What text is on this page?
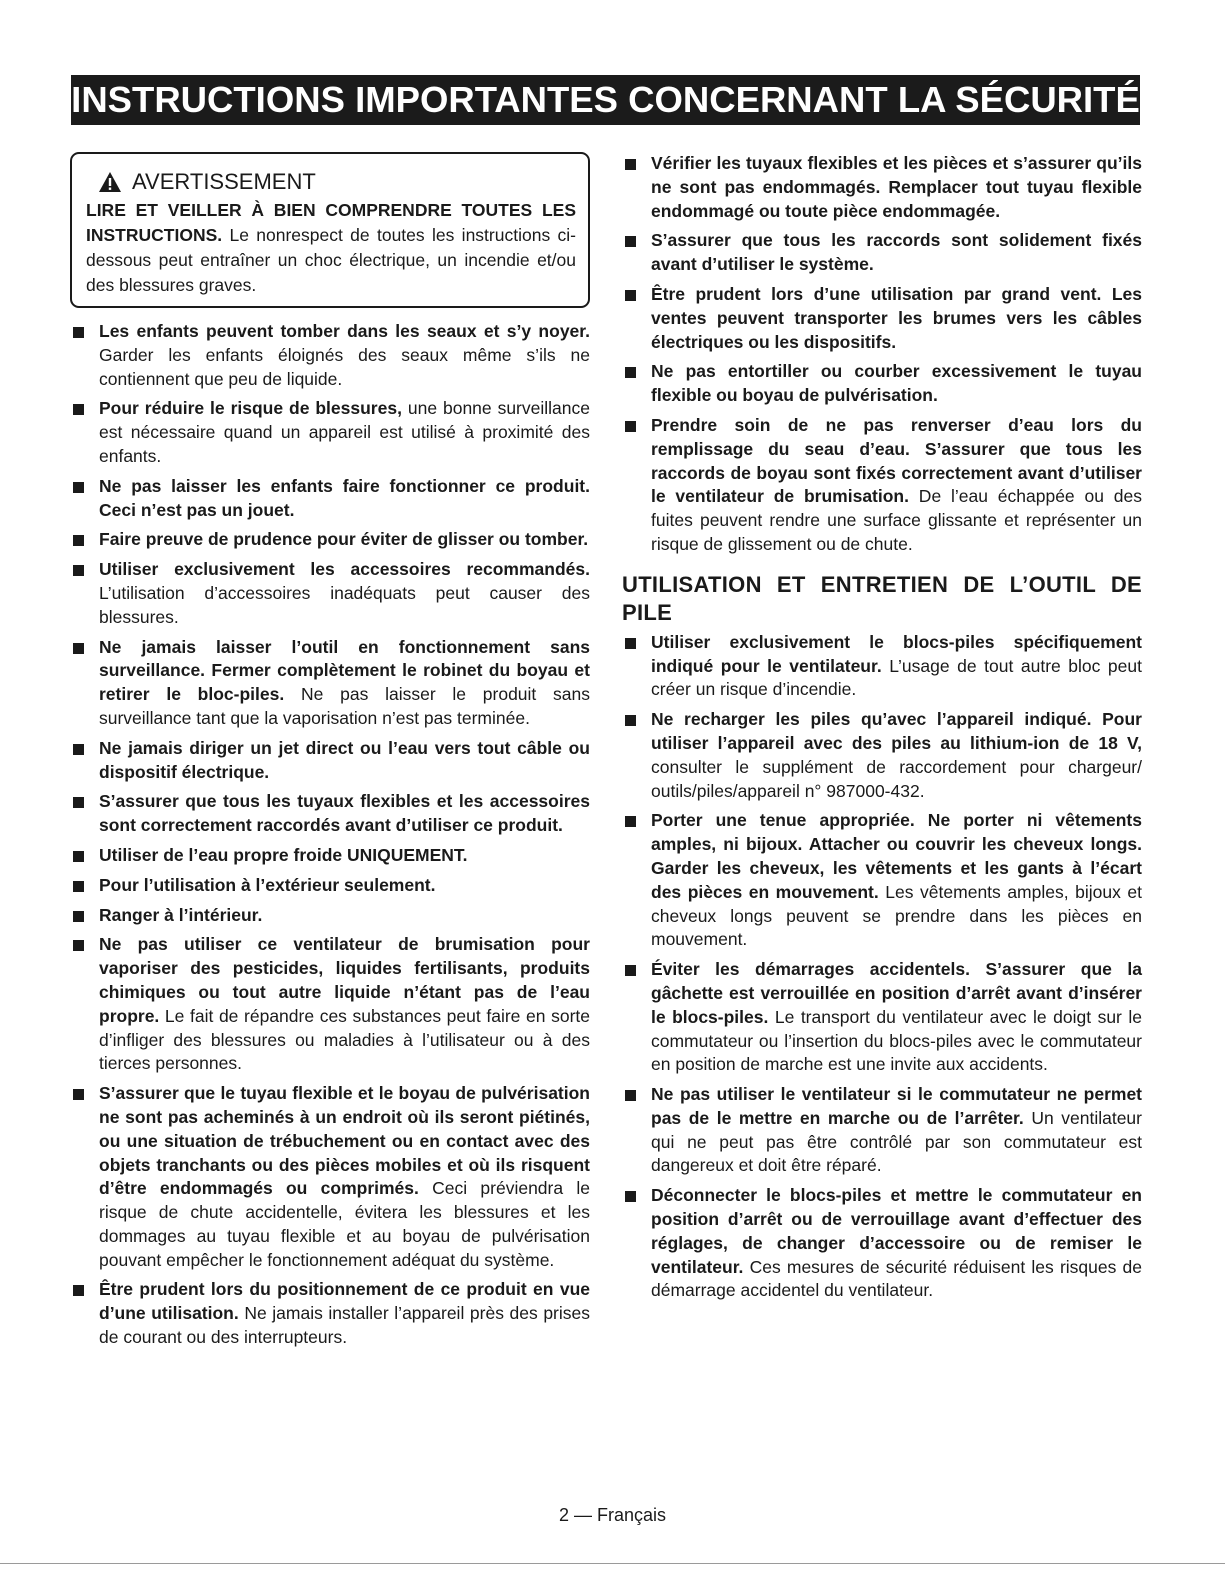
INSTRUCTIONS IMPORTANTES CONCERNANT LA SÉCURITÉ
AVERTISSEMENT
LIRE ET VEILLER À BIEN COMPRENDRE TOUTES LES INSTRUCTIONS. Le nonrespect de toutes les instructions ci-dessous peut entraîner un choc électrique, un incendie et/ou des blessures graves.
Les enfants peuvent tomber dans les seaux et s’y noyer. Garder les enfants éloignés des seaux même s’ils ne contiennent que peu de liquide.
Pour réduire le risque de blessures, une bonne surveillance est nécessaire quand un appareil est utilisé à proximité des enfants.
Ne pas laisser les enfants faire fonctionner ce produit. Ceci n’est pas un jouet.
Faire preuve de prudence pour éviter de glisser ou tomber.
Utiliser exclusivement les accessoires recommandés. L’utilisation d’accessoires inadéquats peut causer des blessures.
Ne jamais laisser l’outil en fonctionnement sans surveillance. Fermer complètement le robinet du boyau et retirer le bloc-piles. Ne pas laisser le produit sans surveillance tant que la vaporisation n’est pas terminée.
Ne jamais diriger un jet direct ou l’eau vers tout câble ou dispositif électrique.
S’assurer que tous les tuyaux flexibles et les accessoires sont correctement raccordés avant d’utiliser ce produit.
Utiliser de l’eau propre froide UNIQUEMENT.
Pour l’utilisation à l’extérieur seulement.
Ranger à l’intérieur.
Ne pas utiliser ce ventilateur de brumisation pour vaporiser des pesticides, liquides fertilisants, produits chimiques ou tout autre liquide n’étant pas de l’eau propre. Le fait de répandre ces substances peut faire en sorte d’infliger des blessures ou maladies à l’utilisateur ou à des tierces personnes.
S’assurer que le tuyau flexible et le boyau de pulvérisation ne sont pas acheminés à un endroit où ils seront piétinés, ou une situation de trébuchement ou en contact avec des objets tranchants ou des pièces mobiles et où ils risquent d’être endommagés ou comprimés. Ceci préviendra le risque de chute accidentelle, évitera les blessures et les dommages au tuyau flexible et au boyau de pulvérisation pouvant empêcher le fonctionnement adéquat du système.
Être prudent lors du positionnement de ce produit en vue d’une utilisation. Ne jamais installer l’appareil près des prises de courant ou des interrupteurs.
Vérifier les tuyaux flexibles et les pièces et s’assurer qu’ils ne sont pas endommagés. Remplacer tout tuyau flexible endommagé ou toute pièce endommagée.
S’assurer que tous les raccords sont solidement fixés avant d’utiliser le système.
Être prudent lors d’une utilisation par grand vent. Les ventes peuvent transporter les brumes vers les câbles électriques ou les dispositifs.
Ne pas entortiller ou courber excessivement le tuyau flexible ou boyau de pulvérisation.
Prendre soin de ne pas renverser d’eau lors du remplissage du seau d’eau. S’assurer que tous les raccords de boyau sont fixés correctement avant d’utiliser le ventilateur de brumisation. De l’eau échappée ou des fuites peuvent rendre une surface glissante et représenter un risque de glissement ou de chute.
UTILISATION ET ENTRETIEN DE L’OUTIL DE PILE
Utiliser exclusivement le blocs-piles spécifiquement indiqué pour le ventilateur. L’usage de tout autre bloc peut créer un risque d’incendie.
Ne recharger les piles qu’avec l’appareil indiqué. Pour utiliser l’appareil avec des piles au lithium-ion de 18 V, consulter le supplément de raccordement pour chargeur/ outils/piles/appareil n° 987000-432.
Porter une tenue appropriée. Ne porter ni vêtements amples, ni bijoux. Attacher ou couvrir les cheveux longs. Garder les cheveux, les vêtements et les gants à l’écart des pièces en mouvement. Les vêtements amples, bijoux et cheveux longs peuvent se prendre dans les pièces en mouvement.
Éviter les démarrages accidentels. S’assurer que la gâchette est verrouillée en position d’arrêt avant d’insérer le blocs-piles. Le transport du ventilateur avec le doigt sur le commutateur ou l’insertion du blocs-piles avec le commutateur en position de marche est une invite aux accidents.
Ne pas utiliser le ventilateur si le commutateur ne permet pas de le mettre en marche ou de l’arrêter. Un ventilateur qui ne peut pas être contrôlé par son commutateur est dangereux et doit être réparé.
Déconnecter le blocs-piles et mettre le commutateur en position d’arrêt ou de verrouillage avant d’effectuer des réglages, de changer d’accessoire ou de remiser le ventilateur. Ces mesures de sécurité réduisent les risques de démarrage accidentel du ventilateur.
2 — Français
